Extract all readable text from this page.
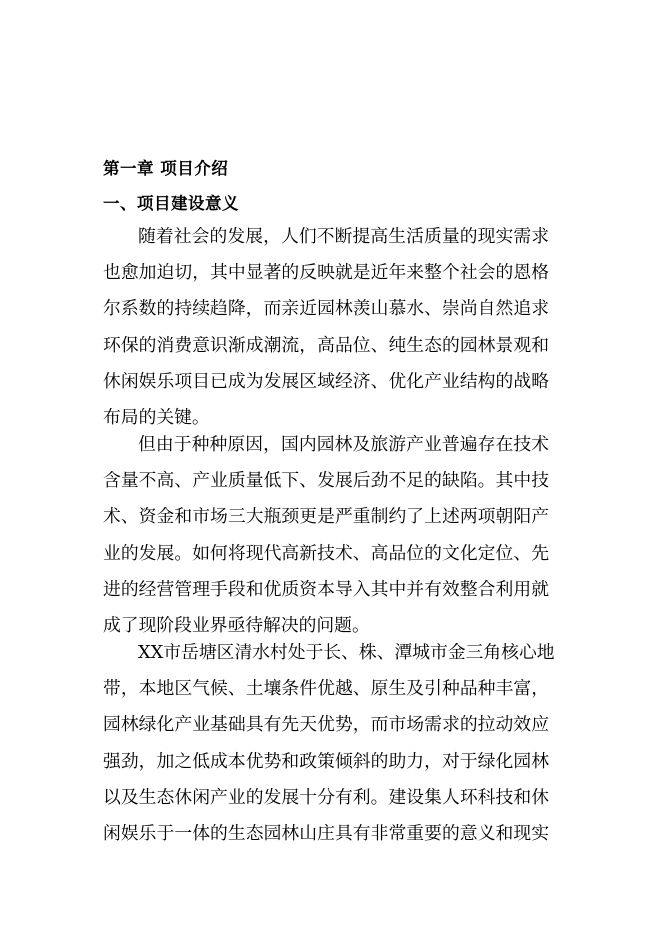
第一章 项目介绍
一、项目建设意义
随着社会的发展，人们不断提高生活质量的现实需求
也愈加迫切，其中显著的反映就是近年来整个社会的恩格
尔系数的持续趋降，而亲近园林羡山慕水、崇尚自然追求
环保的消费意识渐成潮流，高品位、纯生态的园林景观和
休闲娱乐项目已成为发展区域经济、优化产业结构的战略
布局的关键。
但由于种种原因，国内园林及旅游产业普遍存在技术
含量不高、产业质量低下、发展后劲不足的缺陷。其中技
术、资金和市场三大瓶颈更是严重制约了上述两项朝阳产
业的发展。如何将现代高新技术、高品位的文化定位、先
进的经营管理手段和优质资本导入其中并有效整合利用就
成了现阶段业界亟待解决的问题。
XX市岳塘区清水村处于长、株、潭城市金三角核心地
带，本地区气候、土壤条件优越、原生及引种品种丰富，
园林绿化产业基础具有先天优势，而市场需求的拉动效应
强劲，加之低成本优势和政策倾斜的助力，对于绿化园林
以及生态休闲产业的发展十分有利。建设集人环科技和休
闲娱乐于一体的生态园林山庄具有非常重要的意义和现实
